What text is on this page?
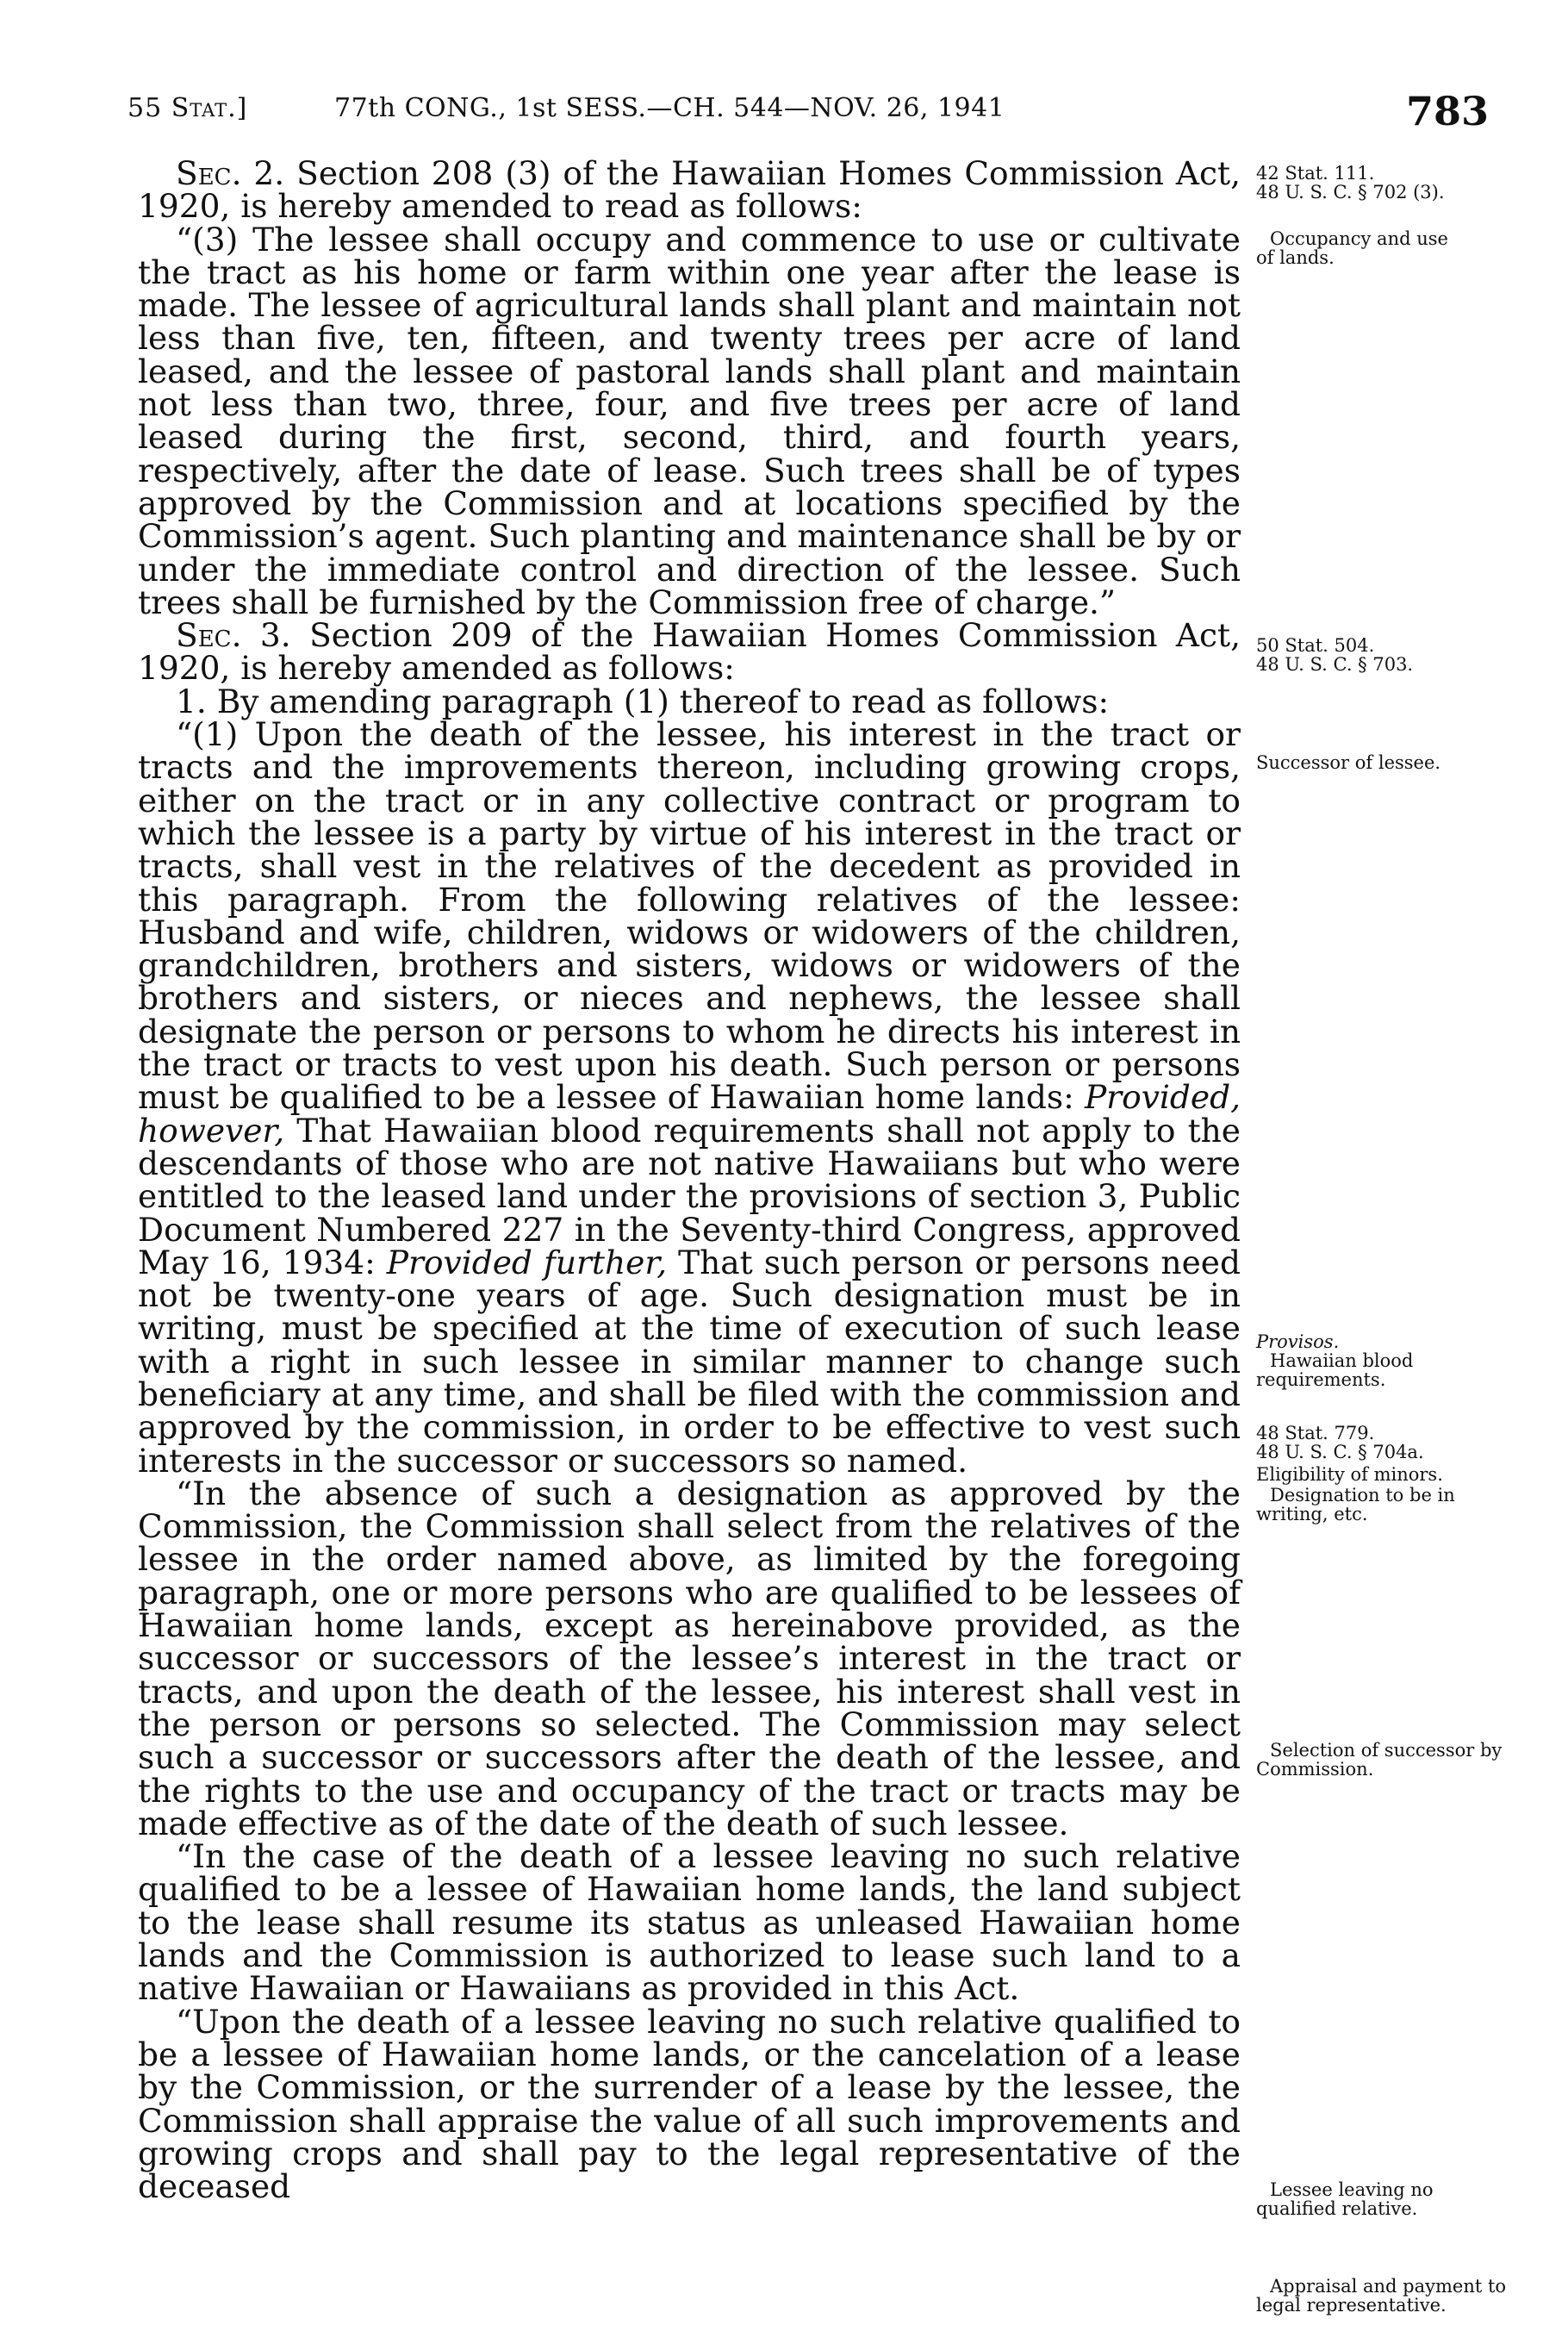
55 Stat.]	77th CONG., 1st SESS.—CH. 544—NOV. 26, 1941	783

Sec. 2. Section 208 (3) of the Hawaiian Homes Commission Act, 1920, is hereby amended to read as follows:

“(3) The lessee shall occupy and commence to use or cultivate the tract as his home or farm within one year after the lease is made. The lessee of agricultural lands shall plant and maintain not less than five, ten, fifteen, and twenty trees per acre of land leased, and the lessee of pastoral lands shall plant and maintain not less than two, three, four, and five trees per acre of land leased during the first, second, third, and fourth years, respectively, after the date of lease. Such trees shall be of types approved by the Commission and at locations specified by the Commission’s agent. Such planting and maintenance shall be by or under the immediate control and direction of the lessee. Such trees shall be furnished by the Commission free of charge.”

Sec. 3. Section 209 of the Hawaiian Homes Commission Act, 1920, is hereby amended as follows:

1. By amending paragraph (1) thereof to read as follows:

“(1) Upon the death of the lessee, his interest in the tract or tracts and the improvements thereon, including growing crops, either on the tract or in any collective contract or program to which the lessee is a party by virtue of his interest in the tract or tracts, shall vest in the relatives of the decedent as provided in this paragraph. From the following relatives of the lessee: Husband and wife, children, widows or widowers of the children, grandchildren, brothers and sisters, widows or widowers of the brothers and sisters, or nieces and nephews, the lessee shall designate the person or persons to whom he directs his interest in the tract or tracts to vest upon his death. Such person or persons must be qualified to be a lessee of Hawaiian home lands: Provided, however, That Hawaiian blood requirements shall not apply to the descendants of those who are not native Hawaiians but who were entitled to the leased land under the provisions of section 3, Public Document Numbered 227 in the Seventy-third Congress, approved May 16, 1934: Provided further, That such person or persons need not be twenty-one years of age. Such designation must be in writing, must be specified at the time of execution of such lease with a right in such lessee in similar manner to change such beneficiary at any time, and shall be filed with the commission and approved by the commission, in order to be effective to vest such interests in the successor or successors so named.

“In the absence of such a designation as approved by the Commission, the Commission shall select from the relatives of the lessee in the order named above, as limited by the foregoing paragraph, one or more persons who are qualified to be lessees of Hawaiian home lands, except as hereinabove provided, as the successor or successors of the lessee’s interest in the tract or tracts, and upon the death of the lessee, his interest shall vest in the person or persons so selected. The Commission may select such a successor or successors after the death of the lessee, and the rights to the use and occupancy of the tract or tracts may be made effective as of the date of the death of such lessee.

“In the case of the death of a lessee leaving no such relative qualified to be a lessee of Hawaiian home lands, the land subject to the lease shall resume its status as unleased Hawaiian home lands and the Commission is authorized to lease such land to a native Hawaiian or Hawaiians as provided in this Act.

“Upon the death of a lessee leaving no such relative qualified to be a lessee of Hawaiian home lands, or the cancelation of a lease by the Commission, or the surrender of a lease by the lessee, the Commission shall appraise the value of all such improvements and growing crops and shall pay to the legal representative of the deceased

42 Stat. 111.
48 U. S. C. § 702 (3).
Occupancy and use
of lands.
50 Stat. 504.
48 U. S. C. § 703.
Successor of lessee.
Provisos.
Hawaiian blood requirements.
48 Stat. 779.
48 U. S. C. § 704a.
Eligibility of minors.
Designation to be in writing, etc.
Selection of successor by Commission.
Lessee leaving no qualified relative.
Appraisal and payment to legal representative.
